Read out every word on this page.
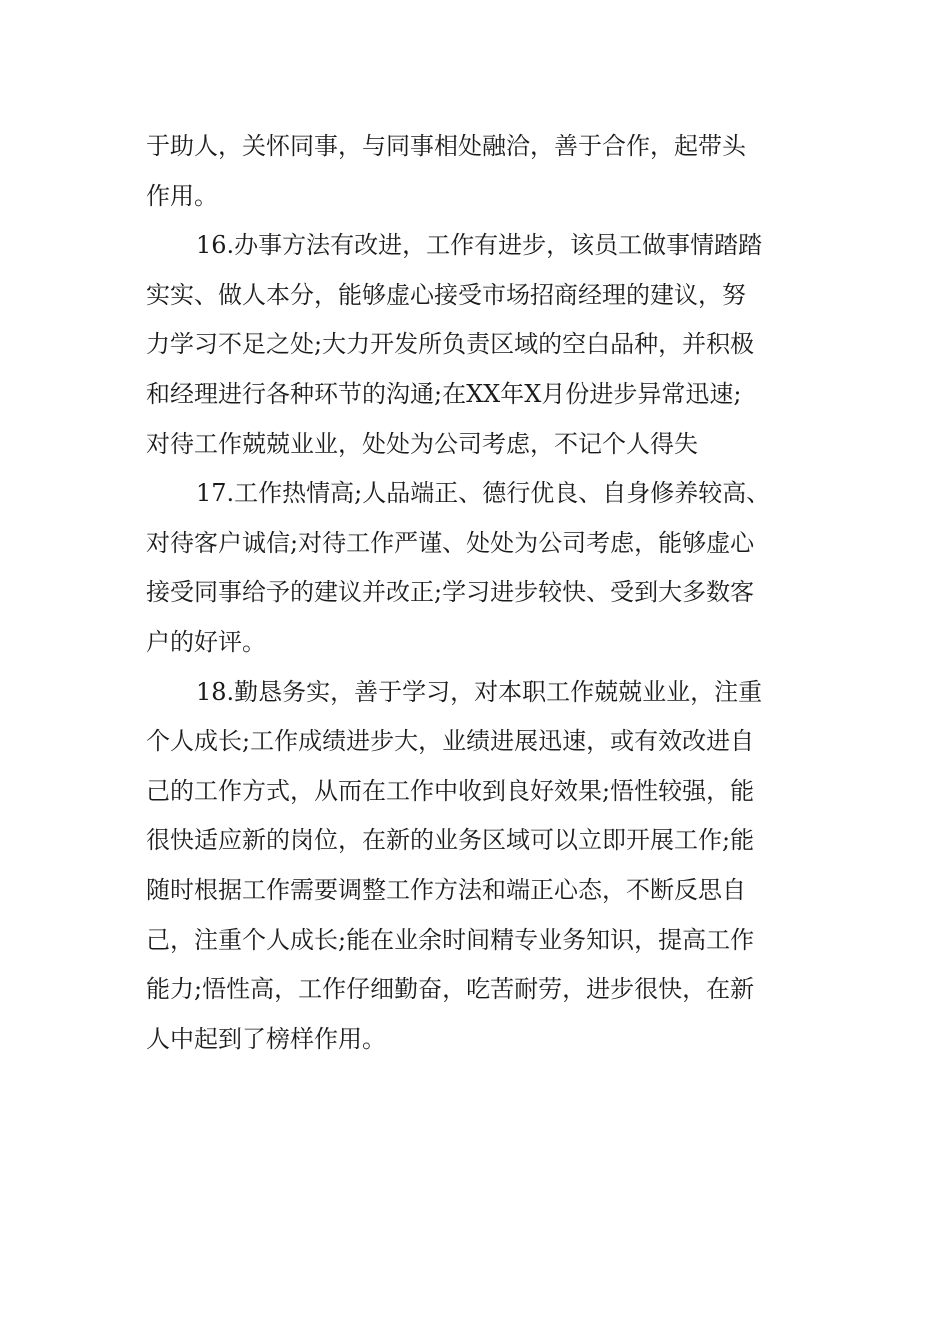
于助人，关怀同事，与同事相处融洽，善于合作，起带头
作用。
16.办事方法有改进，工作有进步，该员工做事情踏踏
实实、做人本分，能够虚心接受市场招商经理的建议，努
力学习不足之处;大力开发所负责区域的空白品种，并积极
和经理进行各种环节的沟通;在XX年X月份进步异常迅速;
对待工作兢兢业业，处处为公司考虑，不记个人得失
17.工作热情高;人品端正、德行优良、自身修养较高、
对待客户诚信;对待工作严谨、处处为公司考虑，能够虚心
接受同事给予的建议并改正;学习进步较快、受到大多数客
户的好评。
18.勤恳务实，善于学习，对本职工作兢兢业业，注重
个人成长;工作成绩进步大，业绩进展迅速，或有效改进自
己的工作方式，从而在工作中收到良好效果;悟性较强，能
很快适应新的岗位，在新的业务区域可以立即开展工作;能
随时根据工作需要调整工作方法和端正心态，不断反思自
己，注重个人成长;能在业余时间精专业务知识，提高工作
能力;悟性高，工作仔细勤奋，吃苦耐劳，进步很快，在新
人中起到了榜样作用。
